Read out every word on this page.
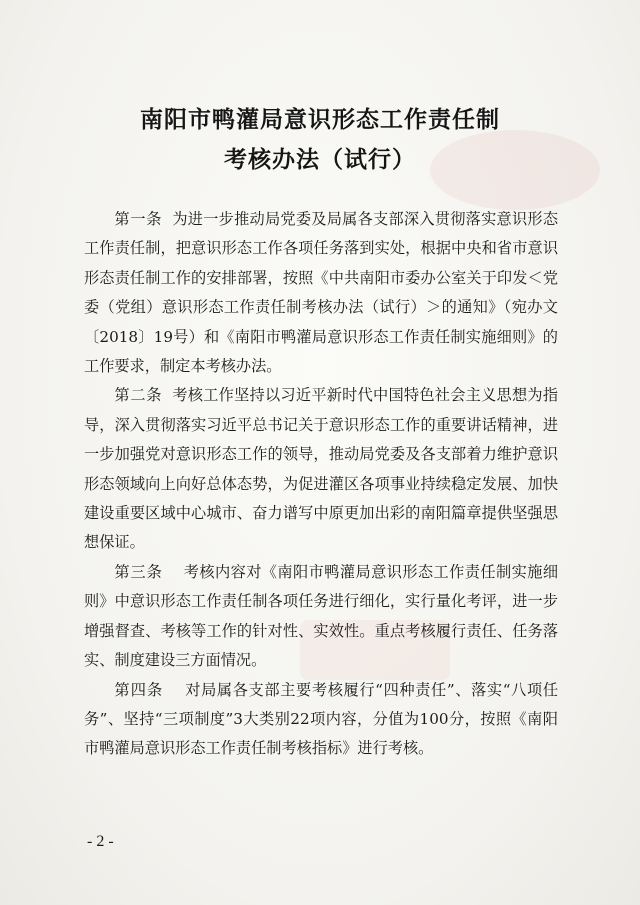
南阳市鸭灌局意识形态工作责任制
考核办法（试行）

第一条 为进一步推动局党委及局属各支部深入贯彻落实意识形态工作责任制，把意识形态工作各项任务落到实处，根据中央和省市意识形态责任制工作的安排部署，按照《中共南阳市委办公室关于印发＜党委（党组）意识形态工作责任制考核办法（试行）＞的通知》（宛办文〔2018〕19号）和《南阳市鸭灌局意识形态工作责任制实施细则》的工作要求，制定本考核办法。

第二条 考核工作坚持以习近平新时代中国特色社会主义思想为指导，深入贯彻落实习近平总书记关于意识形态工作的重要讲话精神，进一步加强党对意识形态工作的领导，推动局党委及各支部着力维护意识形态领域向上向好总体态势，为促进灌区各项事业持续稳定发展、加快建设重要区域中心城市、奋力谱写中原更加出彩的南阳篇章提供坚强思想保证。

第三条 考核内容对《南阳市鸭灌局意识形态工作责任制实施细则》中意识形态工作责任制各项任务进行细化，实行量化考评，进一步增强督查、考核等工作的针对性、实效性。重点考核履行责任、任务落实、制度建设三方面情况。

第四条 对局属各支部主要考核履行“四种责任”、落实“八项任务”、坚持“三项制度”3大类别22项内容，分值为100分，按照《南阳市鸭灌局意识形态工作责任制考核指标》进行考核。

- 2 -
